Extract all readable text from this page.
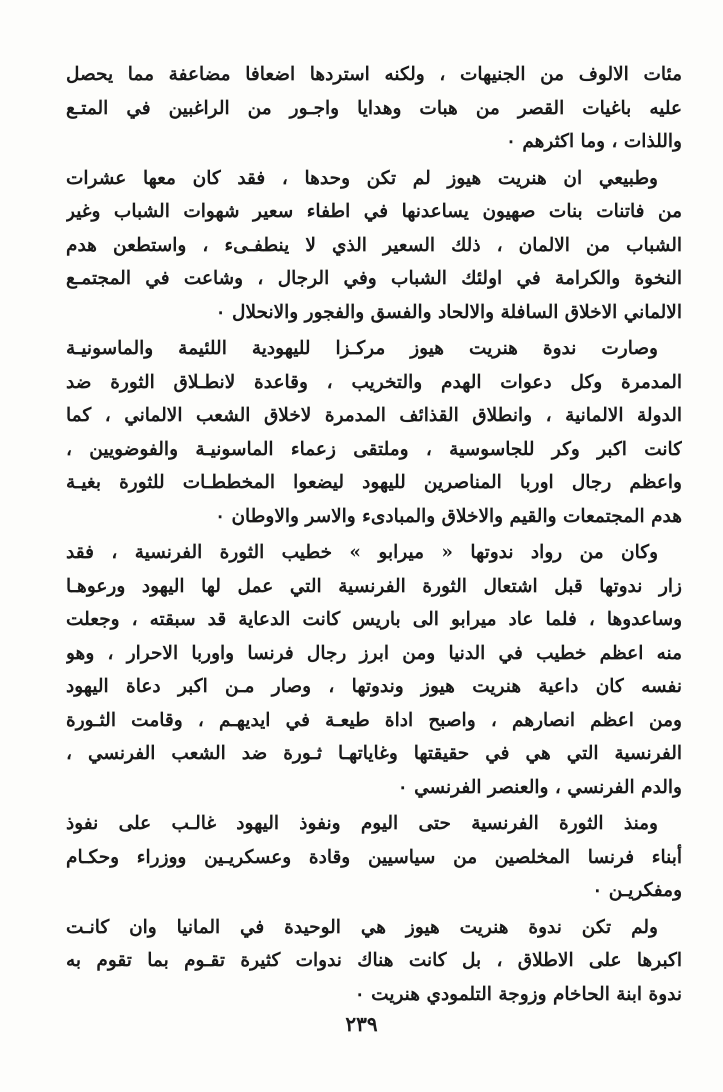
مئات الالوف من الجنيهات ، ولكنه استردها اضعافا مضاعفة مما يحصل
عليه باغيات القصر من هبات وهدايا واجـور من الراغبين في المتـع
واللذات ، وما اكثرهم ٠
وطبيعي ان هنريت هيوز لم تكن وحدها ، فقد كان معها عشرات
من فاتنات بنات صهيون يساعدنها في اطفاء سعير شهوات الشباب وغير
الشباب من الالمان ، ذلك السعير الذي لا ينطفـىء ، واستطعن هدم
النخوة والكرامة في اولئك الشباب وفي الرجال ، وشاعت في المجتمـع
الالماني الاخلاق السافلة والالحاد والفسق والفجور والانحلال ٠
وصارت ندوة هنريت هيوز مركـزا لليهودية اللئيمة والماسونيـة
المدمرة وكل دعوات الهدم والتخريب ، وقاعدة لانطـلاق الثورة ضد
الدولة الالمانية ، وانطلاق القذائف المدمرة لاخلاق الشعب الالماني ، كما
كانت اكبر وكر للجاسوسية ، وملتقى زعماء الماسونيـة والفوضويين ،
واعظم رجال اوربا المناصرين لليهود ليضعوا المخططـات للثورة بغيـة
هدم المجتمعات والقيم والاخلاق والمبادىء والاسر والاوطان ٠
وكان من رواد ندوتها « ميرابو » خطيب الثورة الفرنسية ، فقد
زار ندوتها قبل اشتعال الثورة الفرنسية التي عمل لها اليهود ورعوهـا
وساعدوها ، فلما عاد ميرابو الى باريس كانت الدعاية قد سبقته ، وجعلت
منه اعظم خطيب في الدنيا ومن ابرز رجال فرنسا واوربا الاحرار ، وهو
نفسه كان داعية هنريت هيوز وندوتها ، وصار مـن اكبر دعاة اليهود
ومن اعظم انصارهم ، واصبح اداة طيعـة في ايديهـم ، وقامت الثـورة
الفرنسية التي هي في حقيقتها وغاياتهـا ثـورة ضد الشعب الفرنسي ،
والدم الفرنسي ، والعنصر الفرنسي ٠
ومنذ الثورة الفرنسية حتى اليوم ونفوذ اليهود غالـب على نفوذ
أبناء فرنسا المخلصين من سياسيين وقادة وعسكريـين ووزراء وحكـام
ومفكريـن ٠
ولم تكن ندوة هنريت هيوز هي الوحيدة في المانيا وان كانـت
اكبرها على الاطلاق ، بل كانت هناك ندوات كثيرة تقـوم بما تقوم به
ندوة ابنة الحاخام وزوجة التلمودي هنريت ٠
٢٣٩
